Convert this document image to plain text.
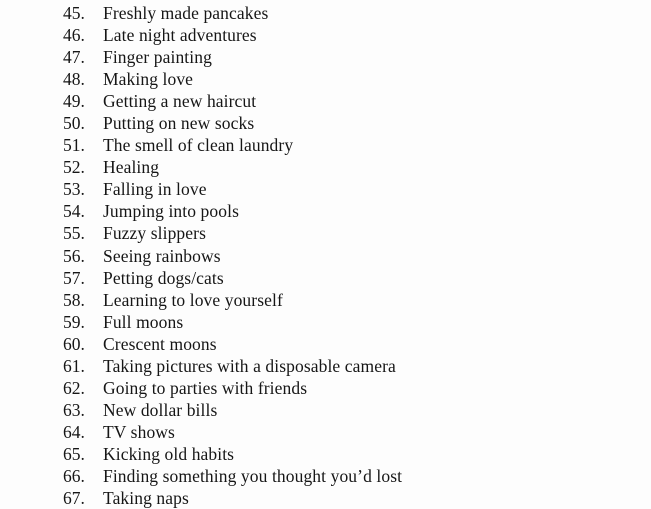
45.	Freshly made pancakes
46.	Late night adventures
47.	Finger painting
48.	Making love
49.	Getting a new haircut
50.	Putting on new socks
51.	The smell of clean laundry
52.	Healing
53.	Falling in love
54.	Jumping into pools
55.	Fuzzy slippers
56.	Seeing rainbows
57.	Petting dogs/cats
58.	Learning to love yourself
59.	Full moons
60.	Crescent moons
61.	Taking pictures with a disposable camera
62.	Going to parties with friends
63.	New dollar bills
64.	TV shows
65.	Kicking old habits
66.	Finding something you thought you’d lost
67.	Taking naps
